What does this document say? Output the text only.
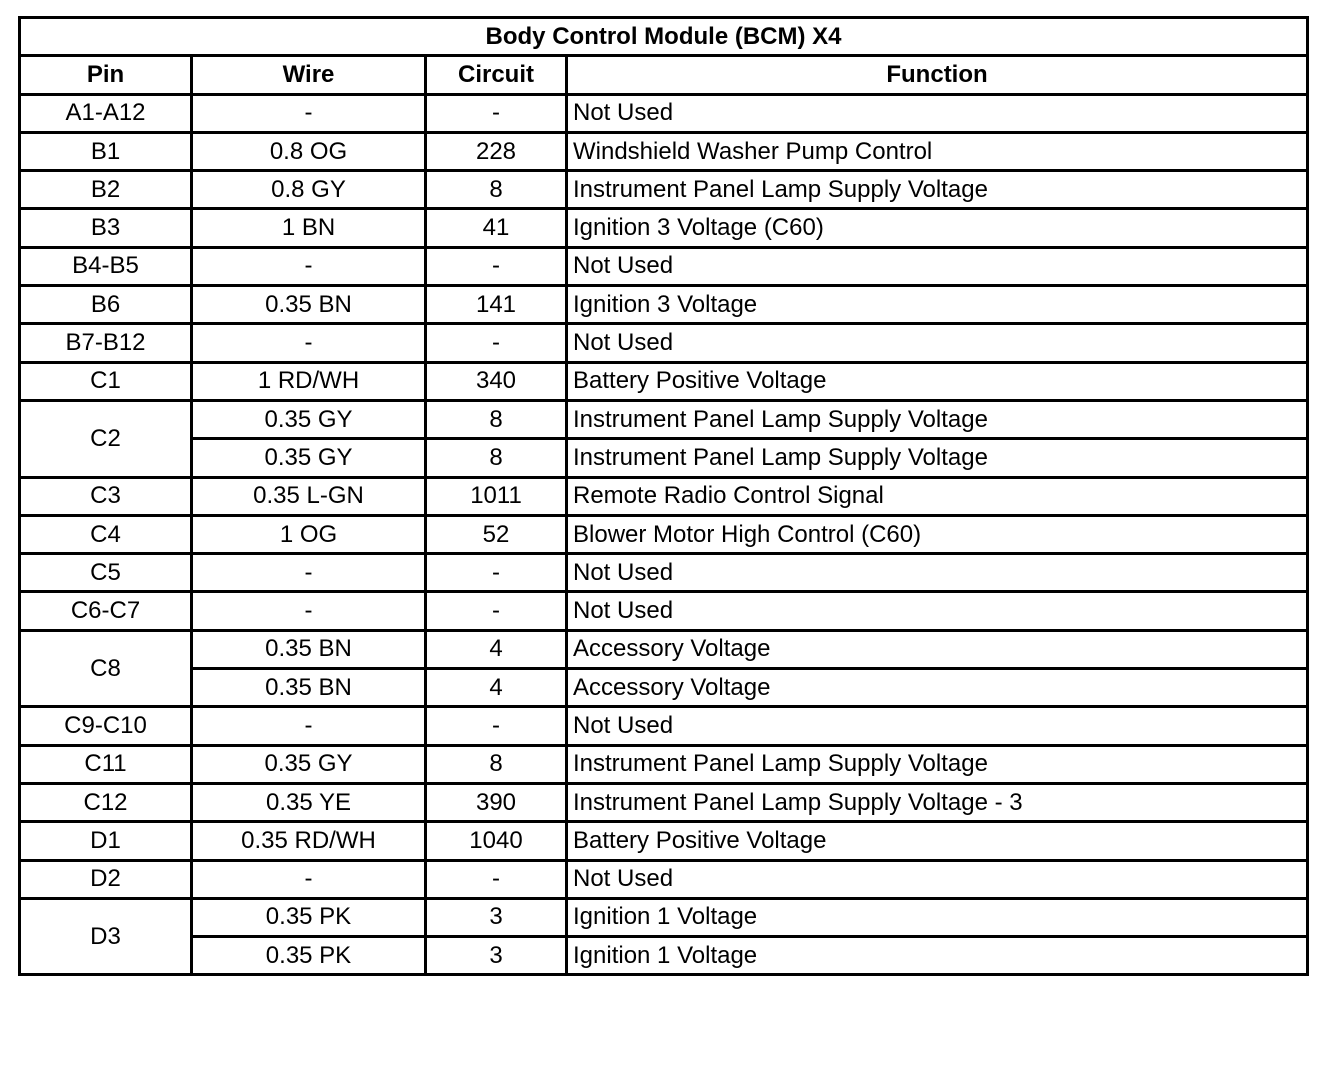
Body Control Module (BCM) X4			
Pin	Wire	Circuit	Function
A1-A12	-	-	Not Used
B1	0.8 OG	228	Windshield Washer Pump Control
B2	0.8 GY	8	Instrument Panel Lamp Supply Voltage
B3	1 BN	41	Ignition 3 Voltage (C60)
B4-B5	-	-	Not Used
B6	0.35 BN	141	Ignition 3 Voltage
B7-B12	-	-	Not Used
C1	1 RD/WH	340	Battery Positive Voltage
C2	0.35 GY	8	Instrument Panel Lamp Supply Voltage
	0.35 GY	8	Instrument Panel Lamp Supply Voltage
C3	0.35 L-GN	1011	Remote Radio Control Signal
C4	1 OG	52	Blower Motor High Control (C60)
C5	-	-	Not Used
C6-C7	-	-	Not Used
C8	0.35 BN	4	Accessory Voltage
	0.35 BN	4	Accessory Voltage
C9-C10	-	-	Not Used
C11	0.35 GY	8	Instrument Panel Lamp Supply Voltage
C12	0.35 YE	390	Instrument Panel Lamp Supply Voltage - 3
D1	0.35 RD/WH	1040	Battery Positive Voltage
D2	-	-	Not Used
D3	0.35 PK	3	Ignition 1 Voltage
	0.35 PK	3	Ignition 1 Voltage
